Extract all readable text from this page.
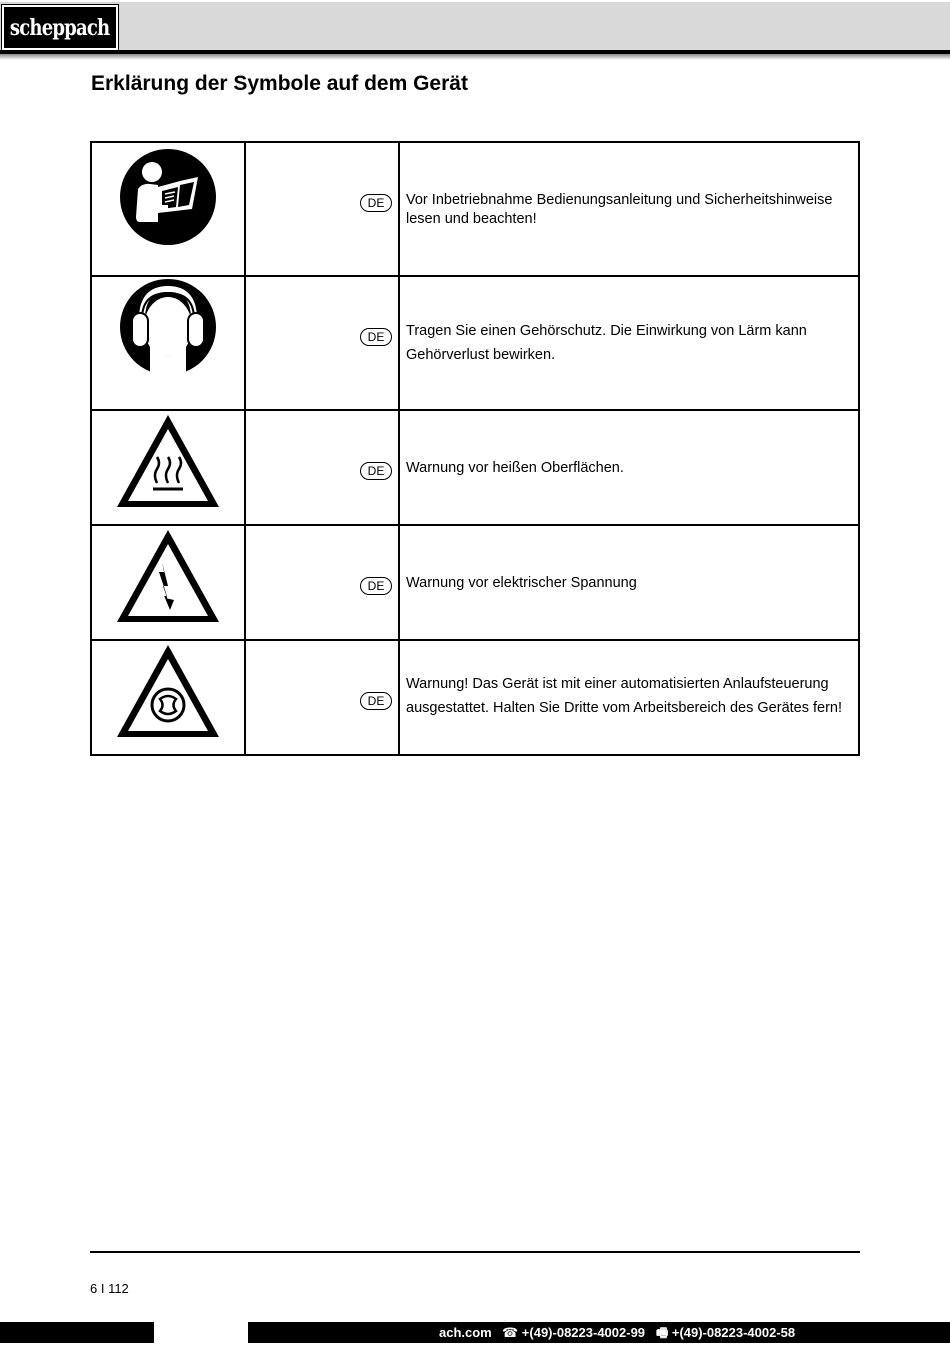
scheppach
Erklärung der Symbole auf dem Gerät

DE	Vor Inbetriebnahme Bedienungsanleitung und Sicherheitshinweise lesen und beachten!

DE	Tragen Sie einen Gehörschutz. Die Einwirkung von Lärm kann Gehörverlust bewirken.

DE	Warnung vor heißen Oberflächen.

DE	Warnung vor elektrischer Spannung

DE	Warnung! Das Gerät ist mit einer automatisierten Anlaufsteuerung ausgestattet. Halten Sie Dritte vom Arbeitsbereich des Gerätes fern!

6 I 112
ach.com ☎ +(49)-08223-4002-99 🖷 +(49)-08223-4002-58
